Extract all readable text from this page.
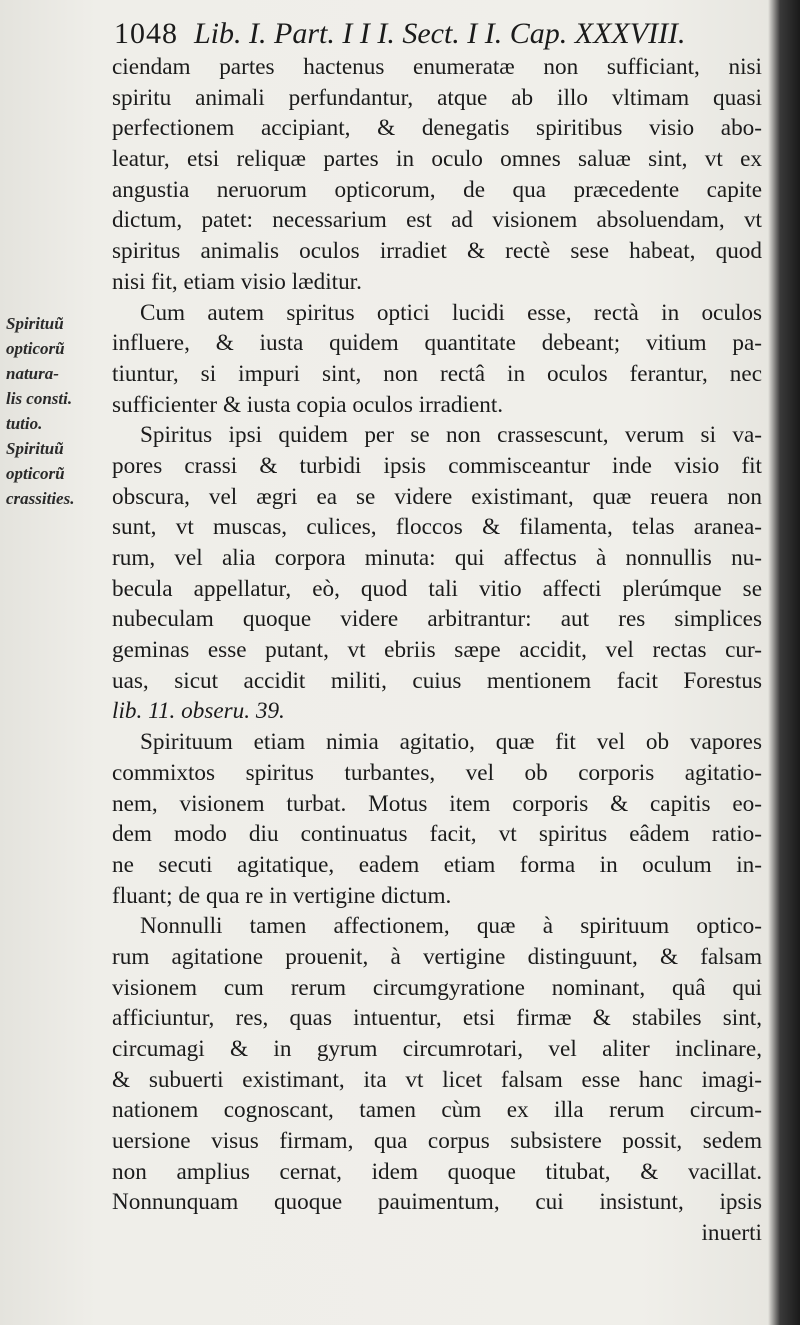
1048 Lib. I. Part. I I I. Sect. I I. Cap. XXXVIII.
Spirituũ
opticorũ
natura-
lis consti.
tutio.
Spirituũ
opticorũ
crassities.
ciendam partes hactenus enumeratæ non sufficiant, nisi
spiritu animali perfundantur, atque ab illo vltimam quasi
perfectionem accipiant, & denegatis spiritibus visio abo-
leatur, etsi reliquæ partes in oculo omnes saluæ sint, vt ex
angustia neruorum opticorum, de qua præcedente capite
dictum, patet: necessarium est ad visionem absoluendam, vt
spiritus animalis oculos irradiet & rectè sese habeat, quod
nisi fit, etiam visio læditur.
Cum autem spiritus optici lucidi esse, rectà in oculos
influere, & iusta quidem quantitate debeant; vitium pa-
tiuntur, si impuri sint, non rectâ in oculos ferantur, nec
sufficienter & iusta copia oculos irradient.
Spiritus ipsi quidem per se non crassescunt, verum si va-
pores crassi & turbidi ipsis commisceantur inde visio fit
obscura, vel ægri ea se videre existimant, quæ reuera non
sunt, vt muscas, culices, floccos & filamenta, telas aranea-
rum, vel alia corpora minuta: qui affectus à nonnullis nu-
becula appellatur, eò, quod tali vitio affecti plerúmque se
nubeculam quoque videre arbitrantur: aut res simplices
geminas esse putant, vt ebriis sæpe accidit, vel rectas cur-
uas, sicut accidit militi, cuius mentionem facit Forestus
lib. 11. obseru. 39.
Spirituum etiam nimia agitatio, quæ fit vel ob vapores
commixtos spiritus turbantes, vel ob corporis agitatio-
nem, visionem turbat. Motus item corporis & capitis eo-
dem modo diu continuatus facit, vt spiritus eâdem ratio-
ne secuti agitatique, eadem etiam forma in oculum in-
fluant; de qua re in vertigine dictum.
Nonnulli tamen affectionem, quæ à spirituum optico-
rum agitatione prouenit, à vertigine distinguunt, & falsam
visionem cum rerum circumgyratione nominant, quâ qui
afficiuntur, res, quas intuentur, etsi firmæ & stabiles sint,
circumagi & in gyrum circumrotari, vel aliter inclinare,
& subuerti existimant, ita vt licet falsam esse hanc imagi-
nationem cognoscant, tamen cùm ex illa rerum circum-
uersione visus firmam, qua corpus subsistere possit, sedem
non amplius cernat, idem quoque titubat, & vacillat.
Nonnunquam quoque pauimentum, cui insistunt, ipsis
inuerti
